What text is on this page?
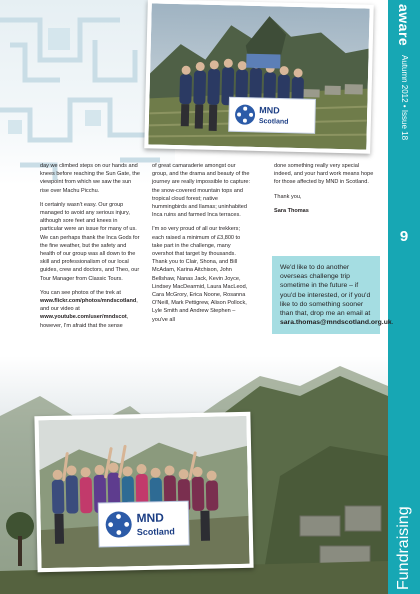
MND
Scotland
aware Autumn 2012 • Issue 18
9
Fundraising

day we climbed steps on our hands and knees before reaching the Sun Gate, the viewpoint from which we saw the sun rise over Machu Picchu.

It certainly wasn't easy. Our group managed to avoid any serious injury, although sore feet and knees in particular were an issue for many of us. We can perhaps thank the Inca Gods for the fine weather, but the safety and health of our group was all down to the skill and professionalism of our local guides, crew and doctors, and Theo, our Tour Manager from Classic Tours.

You can see photos of the trek at www.flickr.com/photos/mndscotland, and our video at www.youtube.com/user/mndscot, however, I'm afraid that the sense

of great camaraderie amongst our group, and the drama and beauty of the journey are really impossible to capture: the snow-covered mountain tops and tropical cloud forest; native hummingbirds and llamas; uninhabited Inca ruins and farmed Inca terraces.

I'm so very proud of all our trekkers; each raised a minimum of £3,800 to take part in the challenge, many overshot that target by thousands. Thank you to Clair, Shona, and Bill McAdam, Karina Aitchison, John Bellshaw, Nanas Jack, Kevin Joyce, Lindsey MacDearmid, Laura MacLeod, Cara McGrory, Erica Noone, Rosanna O'Neill, Mark Pettigrew, Alison Pollock, Lyle Smith and Andrew Stephen – you've all

done something really very special indeed, and your hard work means hope for those affected by MND in Scotland.

Thank you,

Sara Thomas

We'd like to do another overseas challenge trip sometime in the future – if you'd be interested, or if you'd like to do something sooner than that, drop me an email at sara.thomas@mndscotland.org.uk.
MND
Scotland
